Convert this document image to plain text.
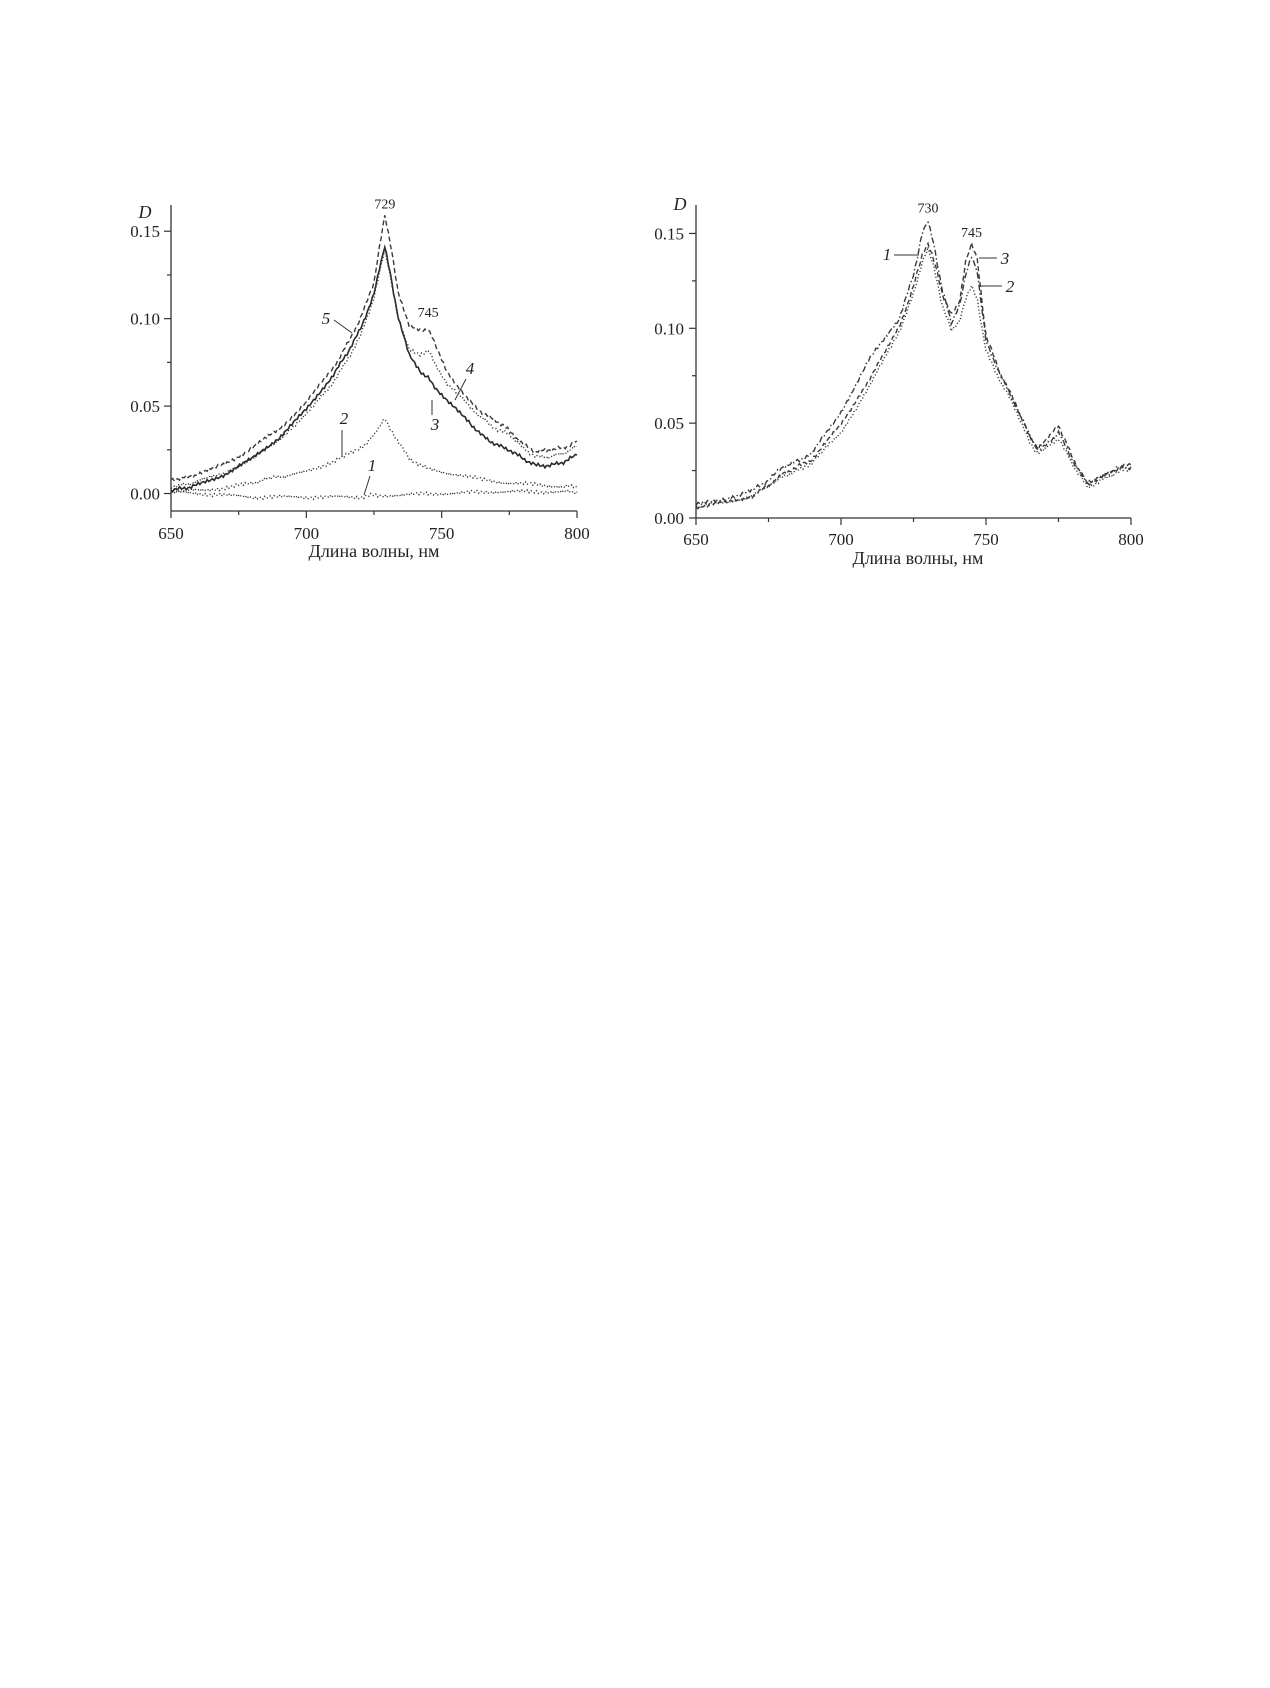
D
Длина волны, нм
650	700	750	800
0.00
0.05
0.10
0.15
729
745
5
4
3
2
1
D
Длина волны, нм
650	700	750	800
0.00
0.05
0.10
0.15
730
745
1	3
2
